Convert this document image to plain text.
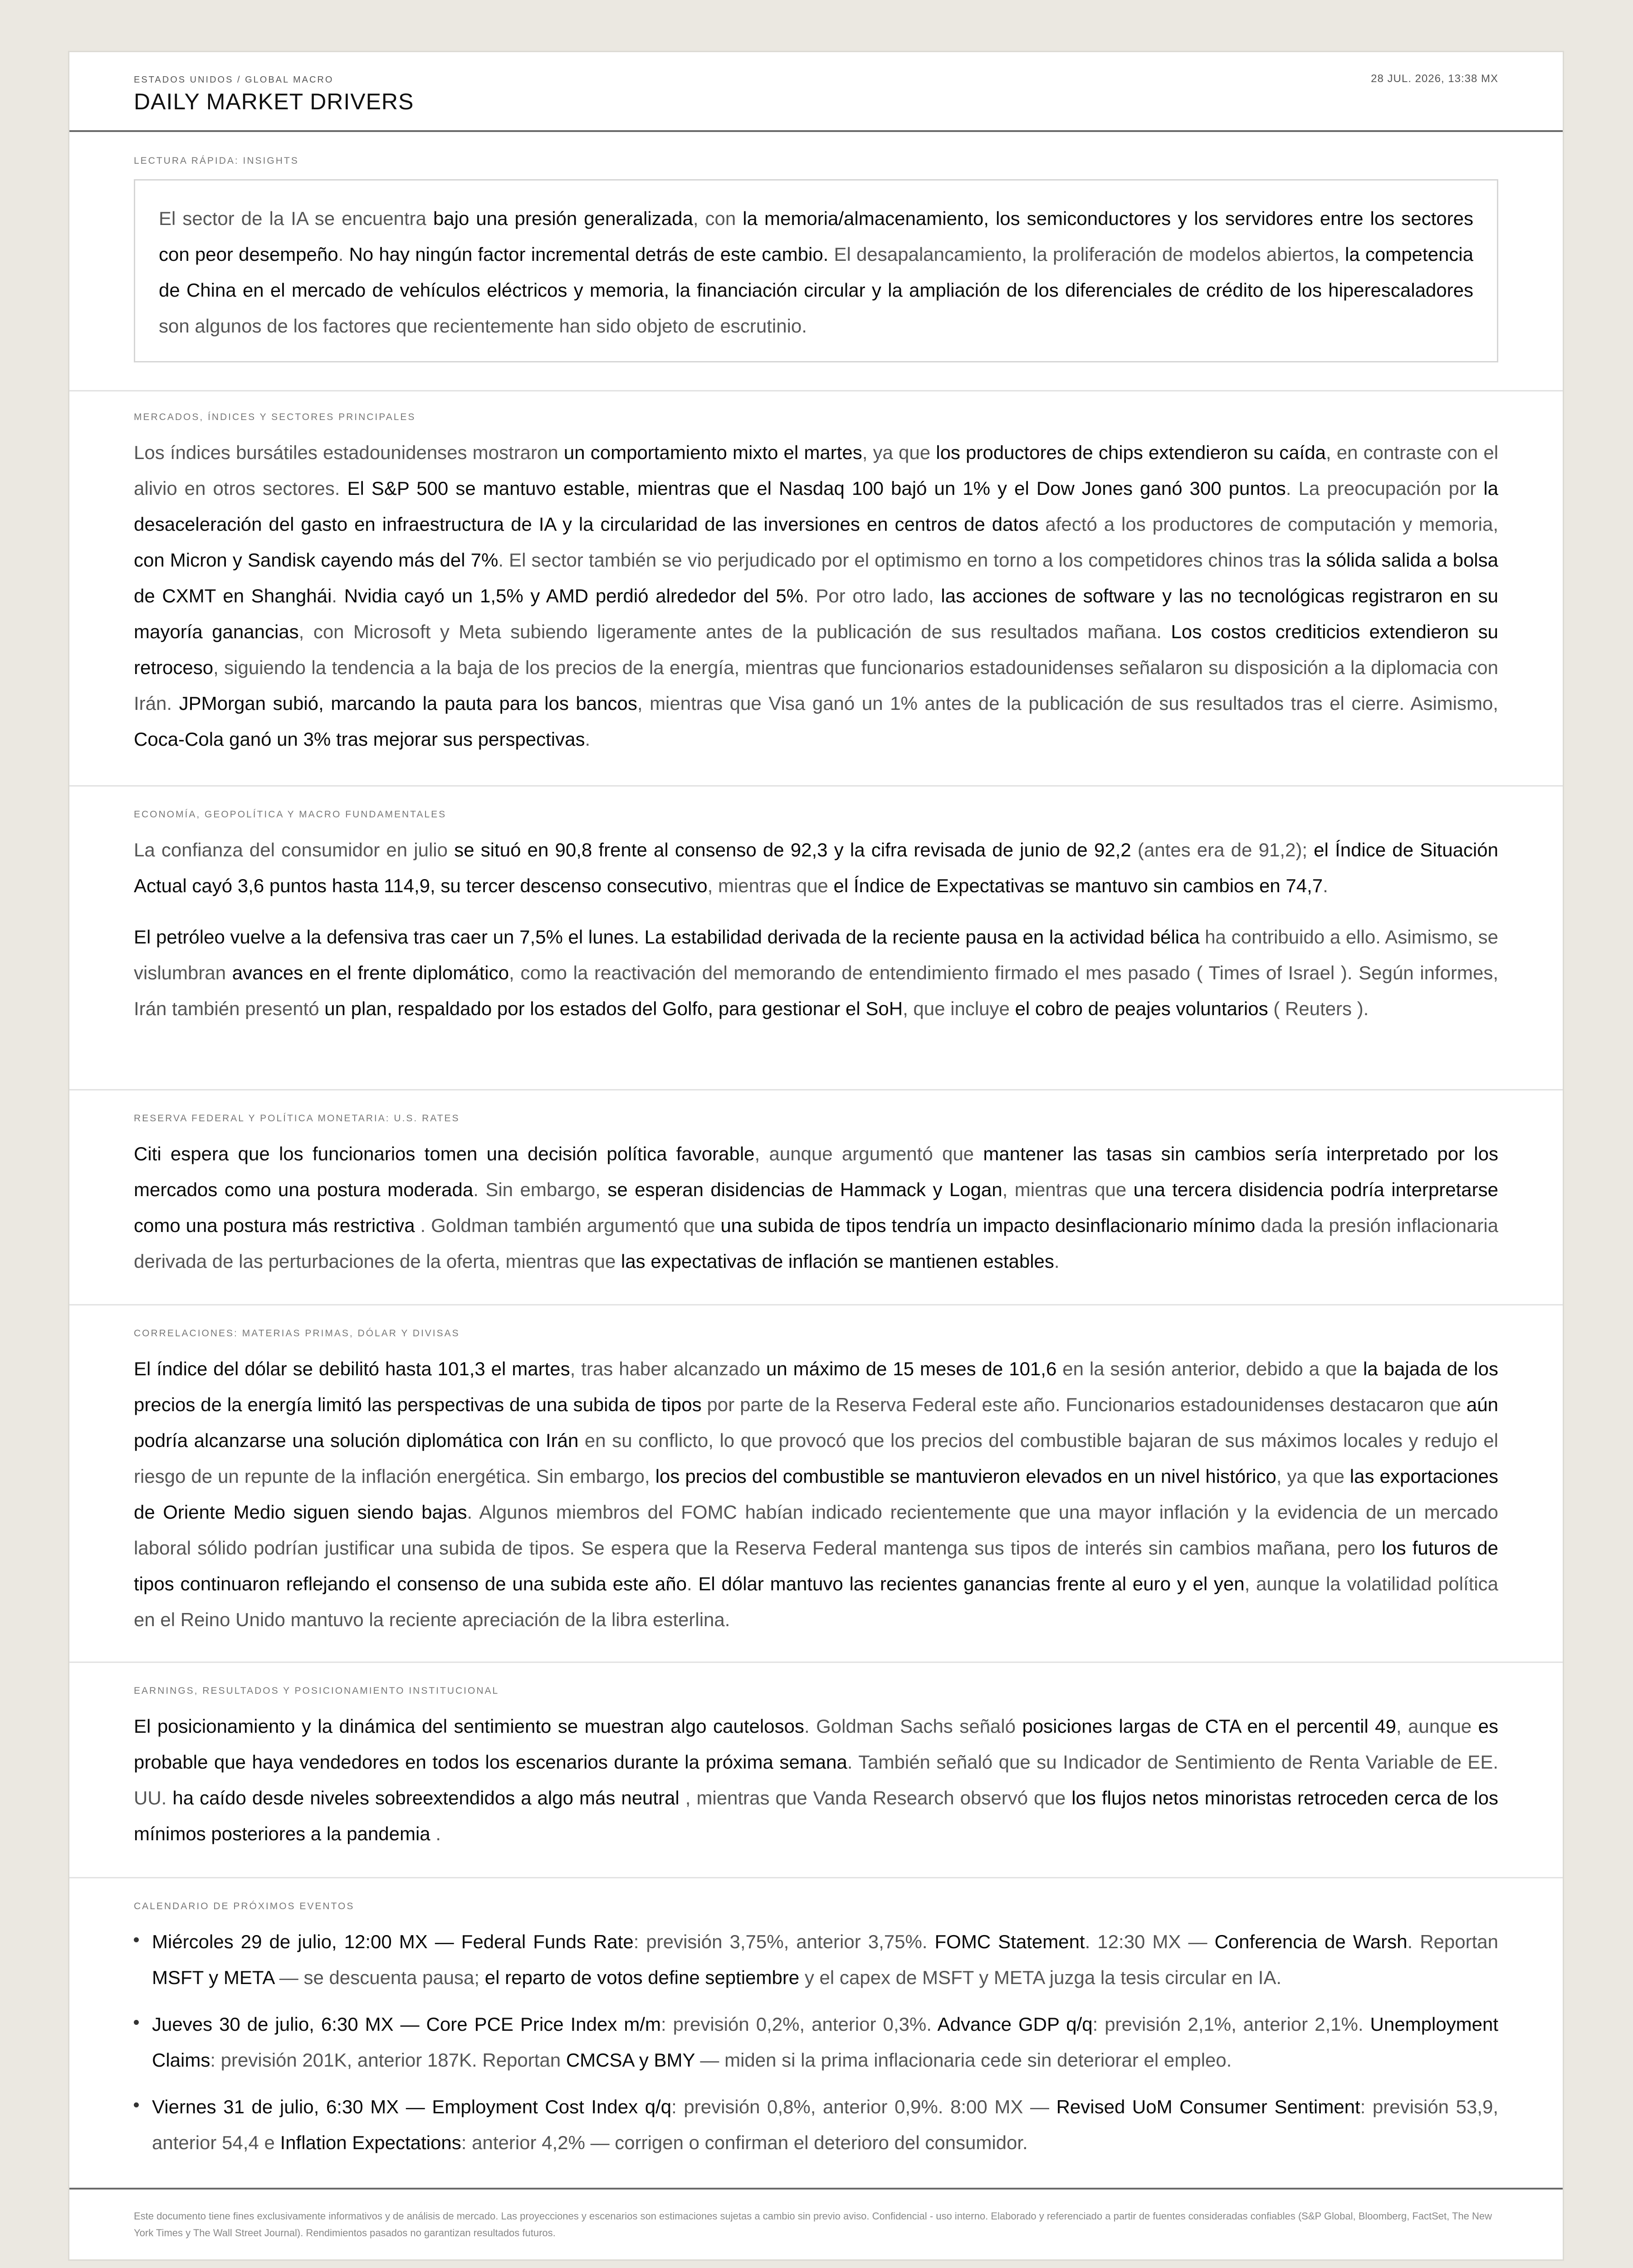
ESTADOS UNIDOS / GLOBAL MACRO
DAILY MARKET DRIVERS
28 JUL. 2026, 13:38 MX
LECTURA RÁPIDA: INSIGHTS

El sector de la IA se encuentra bajo una presión generalizada, con la memoria/almacenamiento, los semiconductores y los servidores entre los sectores con peor desempeño. No hay ningún factor incremental detrás de este cambio. El desapalancamiento, la proliferación de modelos abiertos, la competencia de China en el mercado de vehículos eléctricos y memoria, la financiación circular y la ampliación de los diferenciales de crédito de los hiperescaladores son algunos de los factores que recientemente han sido objeto de escrutinio.

MERCADOS, ÍNDICES Y SECTORES PRINCIPALES

Los índices bursátiles estadounidenses mostraron un comportamiento mixto el martes, ya que los productores de chips extendieron su caída, en contraste con el alivio en otros sectores. El S&P 500 se mantuvo estable, mientras que el Nasdaq 100 bajó un 1% y el Dow Jones ganó 300 puntos. La preocupación por la desaceleración del gasto en infraestructura de IA y la circularidad de las inversiones en centros de datos afectó a los productores de computación y memoria, con Micron y Sandisk cayendo más del 7%. El sector también se vio perjudicado por el optimismo en torno a los competidores chinos tras la sólida salida a bolsa de CXMT en Shanghái. Nvidia cayó un 1,5% y AMD perdió alrededor del 5%. Por otro lado, las acciones de software y las no tecnológicas registraron en su mayoría ganancias, con Microsoft y Meta subiendo ligeramente antes de la publicación de sus resultados mañana. Los costos crediticios extendieron su retroceso, siguiendo la tendencia a la baja de los precios de la energía, mientras que funcionarios estadounidenses señalaron su disposición a la diplomacia con Irán. JPMorgan subió, marcando la pauta para los bancos, mientras que Visa ganó un 1% antes de la publicación de sus resultados tras el cierre. Asimismo, Coca-Cola ganó un 3% tras mejorar sus perspectivas.

ECONOMÍA, GEOPOLÍTICA Y MACRO FUNDAMENTALES

La confianza del consumidor en julio se situó en 90,8 frente al consenso de 92,3 y la cifra revisada de junio de 92,2 (antes era de 91,2); el Índice de Situación Actual cayó 3,6 puntos hasta 114,9, su tercer descenso consecutivo, mientras que el Índice de Expectativas se mantuvo sin cambios en 74,7.

El petróleo vuelve a la defensiva tras caer un 7,5% el lunes. La estabilidad derivada de la reciente pausa en la actividad bélica ha contribuido a ello. Asimismo, se vislumbran avances en el frente diplomático, como la reactivación del memorando de entendimiento firmado el mes pasado ( Times of Israel ). Según informes, Irán también presentó un plan, respaldado por los estados del Golfo, para gestionar el SoH, que incluye el cobro de peajes voluntarios ( Reuters ).

RESERVA FEDERAL Y POLÍTICA MONETARIA: U.S. RATES

Citi espera que los funcionarios tomen una decisión política favorable, aunque argumentó que mantener las tasas sin cambios sería interpretado por los mercados como una postura moderada. Sin embargo, se esperan disidencias de Hammack y Logan, mientras que una tercera disidencia podría interpretarse como una postura más restrictiva . Goldman también argumentó que una subida de tipos tendría un impacto desinflacionario mínimo dada la presión inflacionaria derivada de las perturbaciones de la oferta, mientras que las expectativas de inflación se mantienen estables.

CORRELACIONES: MATERIAS PRIMAS, DÓLAR Y DIVISAS

El índice del dólar se debilitó hasta 101,3 el martes, tras haber alcanzado un máximo de 15 meses de 101,6 en la sesión anterior, debido a que la bajada de los precios de la energía limitó las perspectivas de una subida de tipos por parte de la Reserva Federal este año. Funcionarios estadounidenses destacaron que aún podría alcanzarse una solución diplomática con Irán en su conflicto, lo que provocó que los precios del combustible bajaran de sus máximos locales y redujo el riesgo de un repunte de la inflación energética. Sin embargo, los precios del combustible se mantuvieron elevados en un nivel histórico, ya que las exportaciones de Oriente Medio siguen siendo bajas. Algunos miembros del FOMC habían indicado recientemente que una mayor inflación y la evidencia de un mercado laboral sólido podrían justificar una subida de tipos. Se espera que la Reserva Federal mantenga sus tipos de interés sin cambios mañana, pero los futuros de tipos continuaron reflejando el consenso de una subida este año. El dólar mantuvo las recientes ganancias frente al euro y el yen, aunque la volatilidad política en el Reino Unido mantuvo la reciente apreciación de la libra esterlina.

EARNINGS, RESULTADOS Y POSICIONAMIENTO INSTITUCIONAL

El posicionamiento y la dinámica del sentimiento se muestran algo cautelosos. Goldman Sachs señaló posiciones largas de CTA en el percentil 49, aunque es probable que haya vendedores en todos los escenarios durante la próxima semana. También señaló que su Indicador de Sentimiento de Renta Variable de EE. UU. ha caído desde niveles sobreextendidos a algo más neutral , mientras que Vanda Research observó que los flujos netos minoristas retroceden cerca de los mínimos posteriores a la pandemia .

CALENDARIO DE PRÓXIMOS EVENTOS
Miércoles 29 de julio, 12:00 MX — Federal Funds Rate: previsión 3,75%, anterior 3,75%. FOMC Statement. 12:30 MX — Conferencia de Warsh. Reportan MSFT y META — se descuenta pausa; el reparto de votos define septiembre y el capex de MSFT y META juzga la tesis circular en IA.
Jueves 30 de julio, 6:30 MX — Core PCE Price Index m/m: previsión 0,2%, anterior 0,3%. Advance GDP q/q: previsión 2,1%, anterior 2,1%. Unemployment Claims: previsión 201K, anterior 187K. Reportan CMCSA y BMY — miden si la prima inflacionaria cede sin deteriorar el empleo.
Viernes 31 de julio, 6:30 MX — Employment Cost Index q/q: previsión 0,8%, anterior 0,9%. 8:00 MX — Revised UoM Consumer Sentiment: previsión 53,9, anterior 54,4 e Inflation Expectations: anterior 4,2% — corrigen o confirman el deterioro del consumidor.

Este documento tiene fines exclusivamente informativos y de análisis de mercado. Las proyecciones y escenarios son estimaciones sujetas a cambio sin previo aviso. Confidencial - uso interno. Elaborado y referenciado a partir de fuentes consideradas confiables (S&P Global, Bloomberg, FactSet, The New York Times y The Wall Street Journal). Rendimientos pasados no garantizan resultados futuros.
